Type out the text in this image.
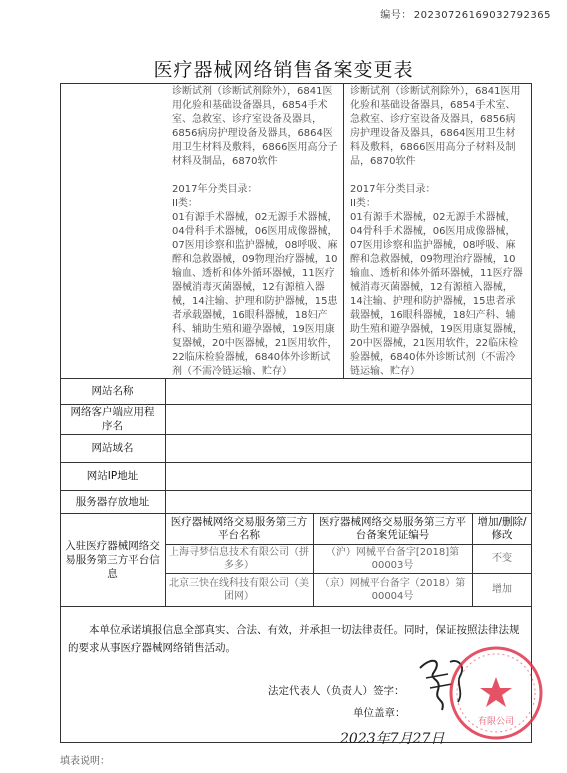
编号： 20230726169032792365
医疗器械网络销售备案变更表

诊断试剂（诊断试剂除外），6841医用化验和基础设备器具，6854手术室、急救室、诊疗室设备及器具，6856病房护理设备及器具，6864医用卫生材料及敷料，6866医用高分子材料及制品，6870软件

2017年分类目录：

II类：

01有源手术器械，02无源手术器械，04骨科手术器械，06医用成像器械，07医用诊察和监护器械，08呼吸、麻醉和急救器械，09物理治疗器械，10输血、透析和体外循环器械，11医疗器械消毒灭菌器械，12有源植入器械，14注输、护理和防护器械，15患者承载器械，16眼科器械，18妇产科、辅助生殖和避孕器械，19医用康复器械，20中医器械，21医用软件，22临床检验器械，6840体外诊断试剂（不需冷链运输、贮存）

诊断试剂（诊断试剂除外），6841医用化验和基础设备器具，6854手术室、急救室、诊疗室设备及器具，6856病房护理设备及器具，6864医用卫生材料及敷料，6866医用高分子材料及制品，6870软件

2017年分类目录：

II类：

01有源手术器械，02无源手术器械，04骨科手术器械，06医用成像器械，07医用诊察和监护器械，08呼吸、麻醉和急救器械，09物理治疗器械，10输血、透析和体外循环器械，11医疗器械消毒灭菌器械，12有源植入器械，14注输、护理和防护器械，15患者承载器械，16眼科器械，18妇产科、辅助生殖和避孕器械，19医用康复器械，20中医器械，21医用软件，22临床检验器械，6840体外诊断试剂（不需冷链运输、贮存）

网站名称
网络客户端应用程序名
网站域名
网站IP地址
服务器存放地址
入驻医疗器械网络交易服务第三方平台信息
医疗器械网络交易服务第三方平台名称
医疗器械网络交易服务第三方平台备案凭证编号
增加/删除/修改
上海寻梦信息技术有限公司（拼多多）
（沪）网械平台备字[2018]第00003号
不变
北京三快在线科技有限公司（美团网）
（京）网械平台备字（2018）第00004号
增加
本单位承诺填报信息全部真实、合法、有效，并承担一切法律责任。同时，保证按照法律法规的要求从事医疗器械网络销售活动。
法定代表人（负责人）签字：
单位盖章：
有限公司
2023年7月27日
填表说明：
